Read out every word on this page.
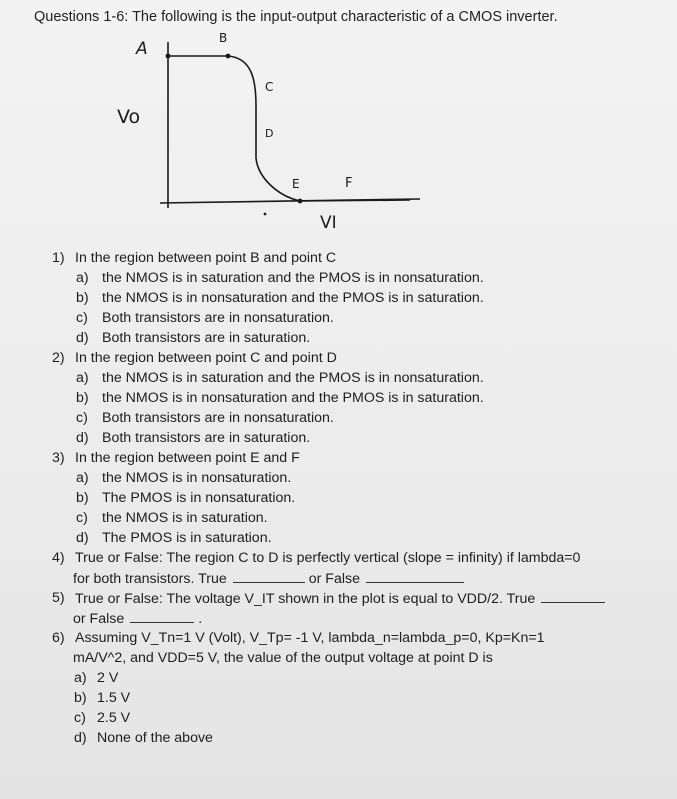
Questions 1-6: The following is the input-output characteristic of a CMOS inverter.
A
B
C
D
E	F
Vo
VI
1) In the region between point B and point C
a) the NMOS is in saturation and the PMOS is in nonsaturation.
b) the NMOS is in nonsaturation and the PMOS is in saturation.
c) Both transistors are in nonsaturation.
d) Both transistors are in saturation.
2) In the region between point C and point D
a) the NMOS is in saturation and the PMOS is in nonsaturation.
b) the NMOS is in nonsaturation and the PMOS is in saturation.
c) Both transistors are in nonsaturation.
d) Both transistors are in saturation.
3) In the region between point E and F
a) the NMOS is in nonsaturation.
b) The PMOS is in nonsaturation.
c) the NMOS is in saturation.
d) The PMOS is in saturation.
4) True or False: The region C to D is perfectly vertical (slope = infinity) if lambda=0
for both transistors. True	or False
5) True or False: The voltage V_IT shown in the plot is equal to VDD/2. True
or False	.
6) Assuming V_Tn=1 V (Volt), V_Tp= -1 V, lambda_n=lambda_p=0, Kp=Kn=1
mA/V^2, and VDD=5 V, the value of the output voltage at point D is
a) 2 V
b) 1.5 V
c) 2.5 V
d) None of the above
